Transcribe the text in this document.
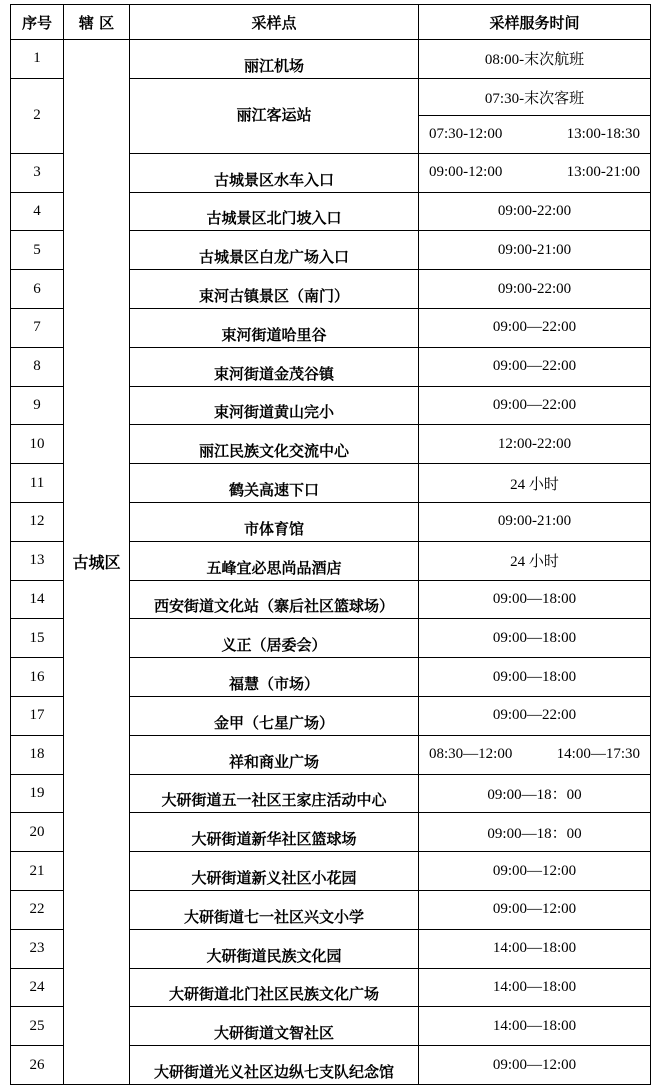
序号	辖 区	采样点	采样服务时间
1	古城区	丽江机场	08:00-末次航班
2		丽江客运站	07:30-末次客班

			07:30-12:00 13:00-18:30

3		古城景区水车入口	09:00-12:00 13:00-21:00

4		古城景区北门坡入口	09:00-22:00
5		古城景区白龙广场入口	09:00-21:00
6		束河古镇景区（南门）	09:00-22:00
7		束河街道哈里谷	09:00—22:00
8		束河街道金茂谷镇	09:00—22:00
9		束河街道黄山完小	09:00—22:00
10		丽江民族文化交流中心	12:00-22:00
11		鹤关高速下口	24 小时
12		市体育馆	09:00-21:00
13		五峰宜必思尚品酒店	24 小时
14		西安街道文化站（寨后社区篮球场）	09:00—18:00
15		义正（居委会）	09:00—18:00
16		福慧（市场）	09:00—18:00
17		金甲（七星广场）	09:00—22:00
18		祥和商业广场	08:30—12:00 14:00—17:30

19		大研街道五一社区王家庄活动中心	09:00—18：00
20		大研街道新华社区篮球场	09:00—18：00
21		大研街道新义社区小花园	09:00—12:00
22		大研街道七一社区兴文小学	09:00—12:00
23		大研街道民族文化园	14:00—18:00
24		大研街道北门社区民族文化广场	14:00—18:00
25		大研街道文智社区	14:00—18:00
26		大研街道光义社区边纵七支队纪念馆	09:00—12:00
